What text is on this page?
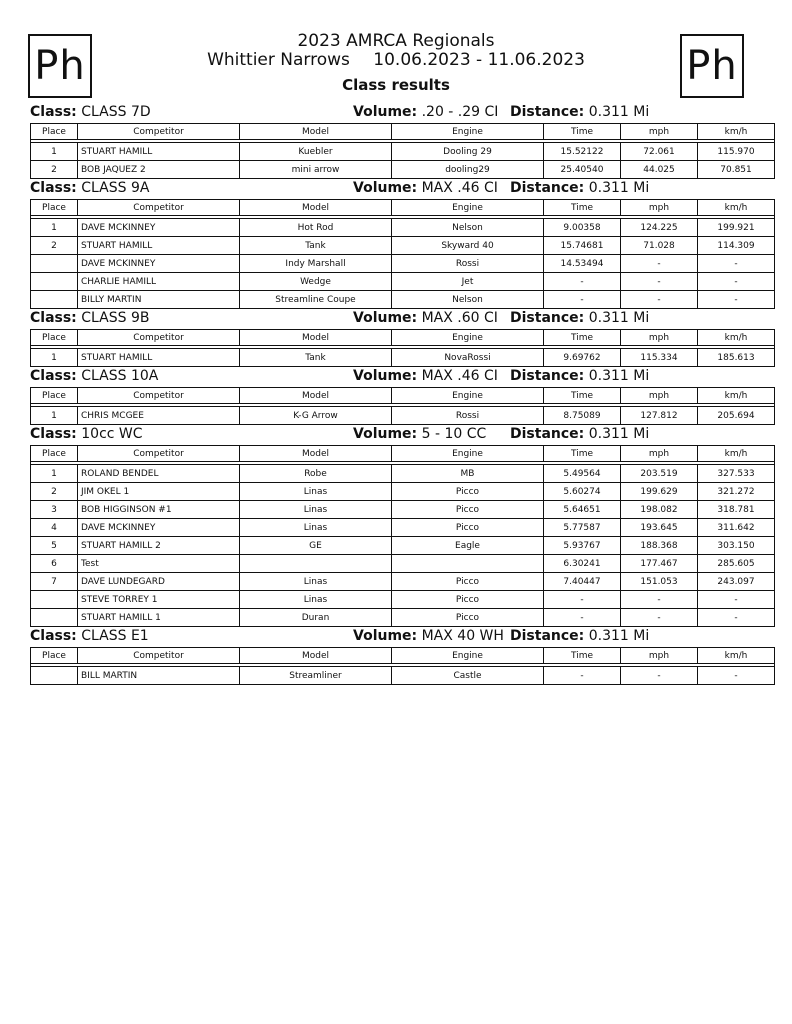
Ph	Ph
2023 AMRCA Regionals
Whittier Narrows 10.06.2023 - 11.06.2023
Class results
Class: CLASS 7D	Volume: .20 - .29 CI Distance: 0.311 Mi
Place	Competitor	Model	Engine	Time	mph	km/h

1	STUART HAMILL	Kuebler	Dooling 29	15.52122	72.061	115.970
2	BOB JAQUEZ 2	mini arrow	dooling29	25.40540	44.025	70.851
Class: CLASS 9A	Volume: MAX .46 CI Distance: 0.311 Mi
Place	Competitor	Model	Engine	Time	mph	km/h

1	DAVE MCKINNEY	Hot Rod	Nelson	9.00358	124.225	199.921
2	STUART HAMILL	Tank	Skyward 40	15.74681	71.028	114.309
	DAVE MCKINNEY	Indy Marshall	Rossi	14.53494	-	-
	CHARLIE HAMILL	Wedge	Jet	-	-	-
	BILLY MARTIN	Streamline Coupe	Nelson	-	-	-
Class: CLASS 9B	Volume: MAX .60 CI Distance: 0.311 Mi
Place	Competitor	Model	Engine	Time	mph	km/h

1	STUART HAMILL	Tank	NovaRossi	9.69762	115.334	185.613
Class: CLASS 10A	Volume: MAX .46 CI Distance: 0.311 Mi
Place	Competitor	Model	Engine	Time	mph	km/h

1	CHRIS MCGEE	K-G Arrow	Rossi	8.75089	127.812	205.694
Class: 10cc WC	Volume: 5 - 10 CC Distance: 0.311 Mi
Place	Competitor	Model	Engine	Time	mph	km/h

1	ROLAND BENDEL	Robe	MB	5.49564	203.519	327.533
2	JIM OKEL 1	Linas	Picco	5.60274	199.629	321.272
3	BOB HIGGINSON #1	Linas	Picco	5.64651	198.082	318.781
4	DAVE MCKINNEY	Linas	Picco	5.77587	193.645	311.642
5	STUART HAMILL 2	GE	Eagle	5.93767	188.368	303.150
6	Test			6.30241	177.467	285.605
7	DAVE LUNDEGARD	Linas	Picco	7.40447	151.053	243.097
	STEVE TORREY 1	Linas	Picco	-	-	-
	STUART HAMILL 1	Duran	Picco	-	-	-
Class: CLASS E1	Volume: MAX 40 WH Distance: 0.311 Mi
Place	Competitor	Model	Engine	Time	mph	km/h

	BILL MARTIN	Streamliner	Castle	-	-	-
